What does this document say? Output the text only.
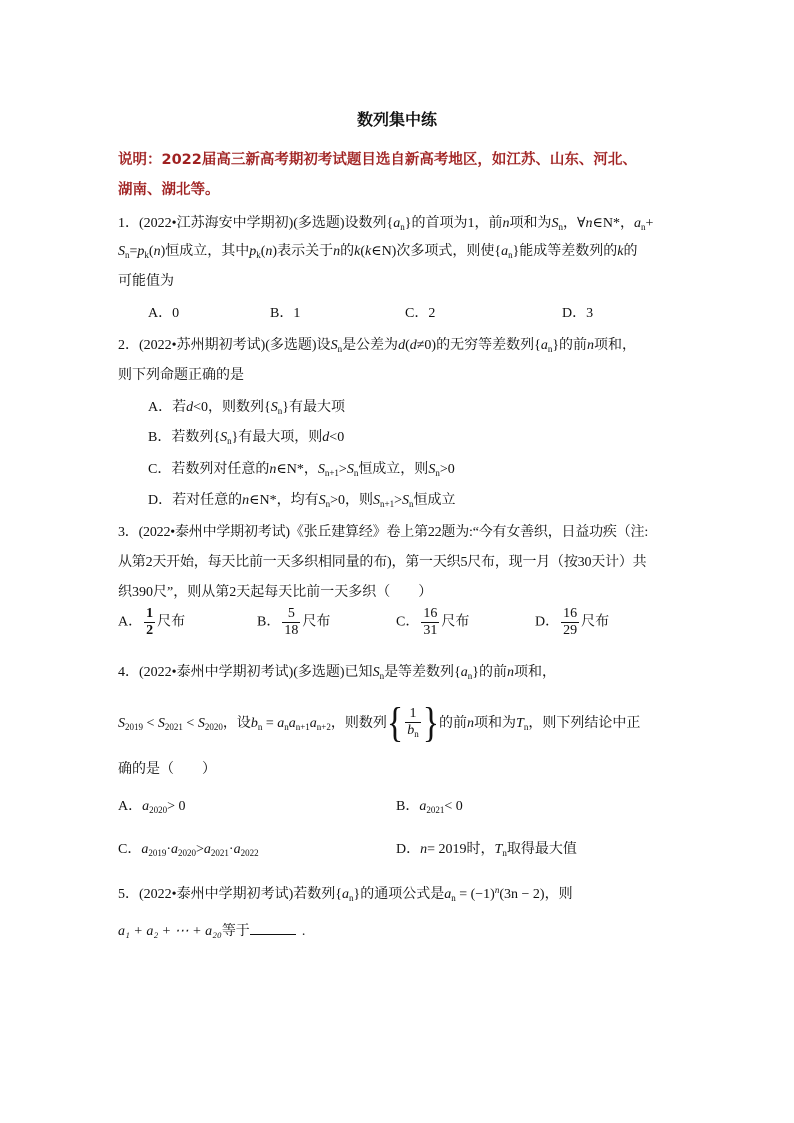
数列集中练
说明：2022届高三新高考期初考试题目选自新高考地区，如江苏、山东、河北、
湖南、湖北等。
1．(2022•江苏海安中学期初)(多选题)设数列$\{a_n\}$的首项为1，前n项和为$S_n$，∀n∈N*，$a_n+$
$S_n=p_k(n)$恒成立，其中$p_k(n)$表示关于n的k(k∈N)次多项式，则使$\{a_n\}$能成等差数列的k的
可能值为
A．0	B．1	C．2	D．3
2．(2022•苏州期初考试)(多选题)设$S_n$是公差为d(d≠0)的无穷等差数列$\{a_n\}$的前n项和，
则下列命题正确的是
A．若d<0，则数列$\{S_n\}$有最大项
B．若数列$\{S_n\}$有最大项，则d<0
C．若数列对任意的n∈N*，$S_{n+1}>S_n$恒成立，则$S_n>0$
D．若对任意的n∈N*，均有$S_n>0$，则$S_{n+1}>S_n$恒成立
3．(2022•泰州中学期初考试)《张丘建算经》卷上第22题为:“今有女善织，日益功疾（注:
从第2天开始，每天比前一天多织相同量的布)，第一天织5尺布，现一月（按30天计）共
织390尺”，则从第2天起每天比前一天多织（　　）
A． $\frac{1}{2}$ 尺布	B． $\frac{5}{18}$ 尺布	C． $\frac{16}{31}$ 尺布	D． $\frac{16}{29}$ 尺布
4．(2022•泰州中学期初考试)(多选题)已知$S_n$是等差数列$\{a_n\}$的前n项和，
$S_{2019} < S_{2021} < S_{2020}$，设$b_n = a_na_{n+1}a_{n+2}$，则数列{ $\frac{1}{b_n}$ }的前n项和为$T_n$，则下列结论中正
确的是（　　）
A．$a_{2020}> 0$	B．$a_{2021}< 0$
C．$a_{2019}\cdot a_{2020}>a_{2021}\cdot a_{2022}$	D．n= 2019时，$T_n$取得最大值
5．(2022•泰州中学期初考试)若数列$\{a_n\}$的通项公式是$a_n = (-1)^n(3n - 2)$，则
a₁ + a₂ + ⋯ + a₂₀等于	.
